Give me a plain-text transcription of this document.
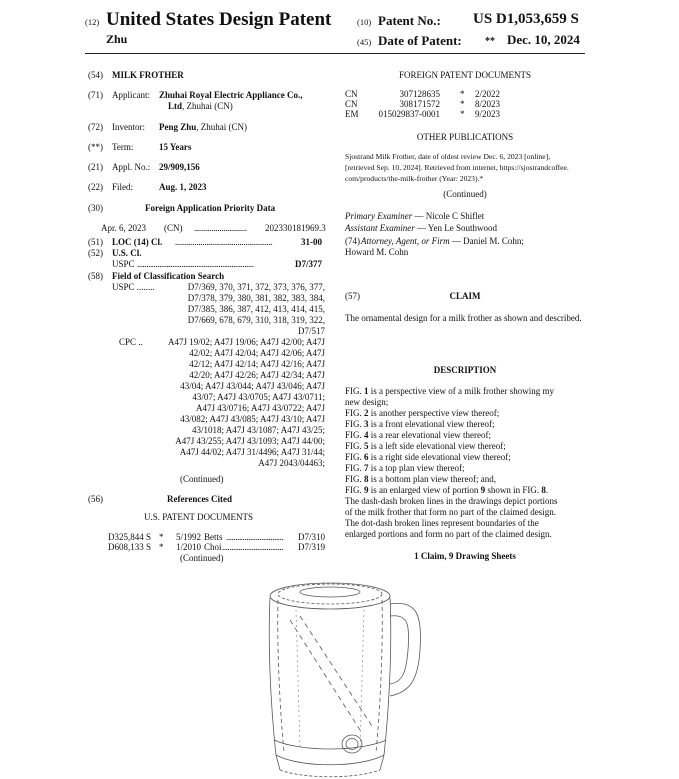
(12) United States Design Patent
Zhu
(10) Patent No.: US D1,053,659 S
(45) Date of Patent: ** Dec. 10, 2024
(54) MILK FROTHER
(71) Applicant: Zhuhai Royal Electric Appliance Co.,
Ltd, Zhuhai (CN)
(72) Inventor: Peng Zhu, Zhuhai (CN)
(**) Term:	15 Years
(21) Appl. No.: 29/909,156
(22) Filed:	Aug. 1, 2023
(30)	Foreign Application Priority Data
Apr. 6, 2023 (CN) ........................... 202330181969.3
(51) LOC (14) Cl. ..................................................	31-00
(52) U.S. Cl.
USPC ...............................................................	D7/377
(58) Field of Classification Search
USPC ........	D7/369, 370, 371, 372, 373, 376, 377,
D7/378, 379, 380, 381, 382, 383, 384,
D7/385, 386, 387, 412, 413, 414, 415,
D7/669, 678, 679, 310, 318, 319, 322,
D7/517
CPC ..	A47J 19/02; A47J 19/06; A47J 42/00; A47J
42/02; A47J 42/04; A47J 42/06; A47J
42/12; A47J 42/14; A47J 42/16; A47J
42/20; A47J 42/26; A47J 42/34; A47J
43/04; A47J 43/044; A47J 43/046; A47J
43/07; A47J 43/0705; A47J 43/0711;
A47J 43/0716; A47J 43/0722; A47J
43/082; A47J 43/085; A47J 43/10; A47J
43/1018; A47J 43/1087; A47J 43/25;
A47J 43/255; A47J 43/1093; A47J 44/00;
A47J 44/02; A47J 31/4496; A47J 31/44;
A47J 2043/04463;
(Continued)
(56)	References Cited
U.S. PATENT DOCUMENTS
D325,844 S * 5/1992 Betts ............................... D7/310
D608,133 S * 1/2010 Choi ................................. D7/319
(Continued)
FOREIGN PATENT DOCUMENTS
CN	307128635 * 2/2022
CN	308171572 * 8/2023
EM	015029837-0001 * 9/2023
OTHER PUBLICATIONS
Sjostrand Milk Frother, date of oldest review Dec. 6, 2023 [online],
[retrieved Sep. 10, 2024]. Retrieved from internet, https://sjostrandcoffee.
com/products/the-milk-frother (Year: 2023).*
(Continued)
Primary Examiner — Nicole C Shiflet
Assistant Examiner — Yen Le Southwood
(74) Attorney, Agent, or Firm — Daniel M. Cohn;
Howard M. Cohn
(57)	CLAIM
The ornamental design for a milk frother as shown and described.
DESCRIPTION
FIG. 1 is a perspective view of a milk frother showing my
new design;
FIG. 2 is another perspective view thereof;
FIG. 3 is a front elevational view thereof;
FIG. 4 is a rear elevational view thereof;
FIG. 5 is a left side elevational view thereof;
FIG. 6 is a right side elevational view thereof;
FIG. 7 is a top plan view thereof;
FIG. 8 is a bottom plan view thereof; and,
FIG. 9 is an enlarged view of portion 9 shown in FIG. 8.
The dash-dash broken lines in the drawings depict portions
of the milk frother that form no part of the claimed design.
The dot-dash broken lines represent boundaries of the
enlarged portions and form no part of the claimed design.
1 Claim, 9 Drawing Sheets
